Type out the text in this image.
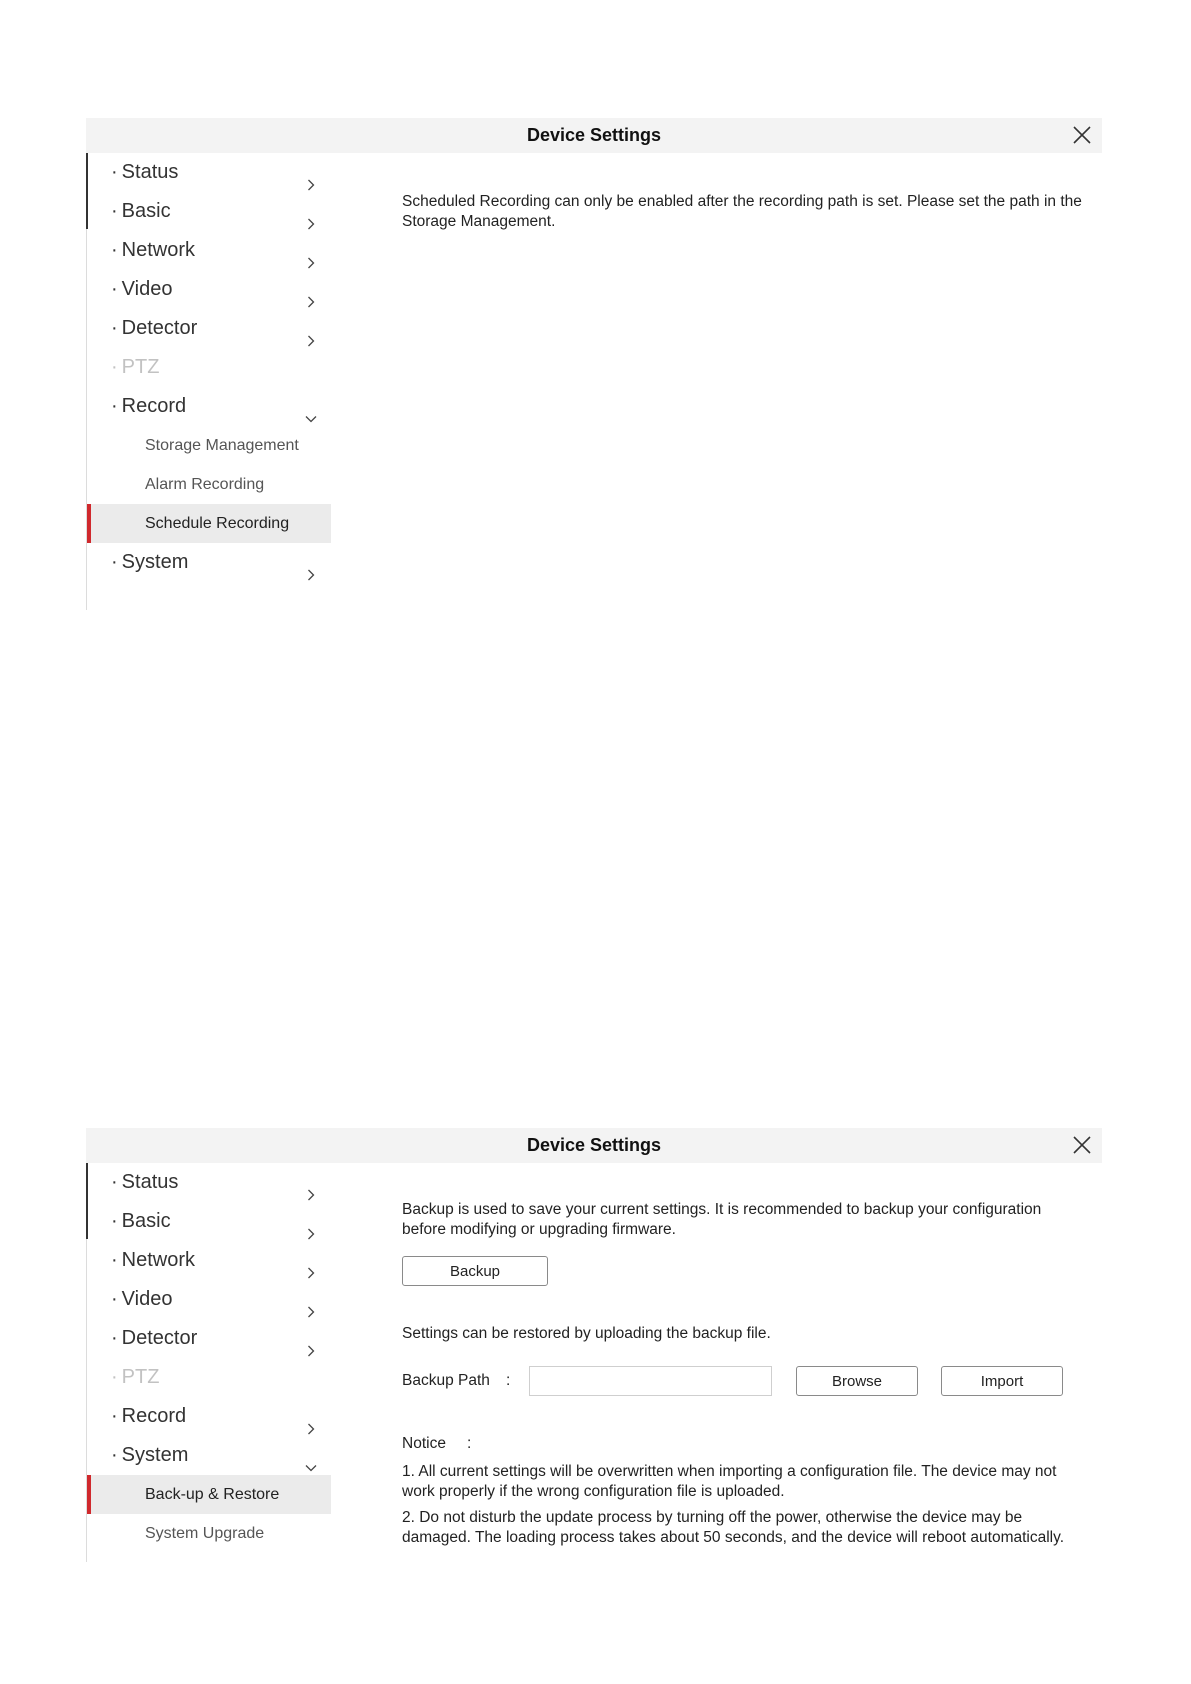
Device Settings
· Status
· Basic
· Network
· Video
· Detector
· PTZ
· Record
Storage Management
Alarm Recording
Schedule Recording
· System
Scheduled Recording can only be enabled after the recording path is set. Please set the path in the Storage Management.
Device Settings
· Status
· Basic
· Network
· Video
· Detector
· PTZ
· Record
· System
Back-up & Restore
System Upgrade
Backup is used to save your current settings. It is recommended to backup your configuration before modifying or upgrading firmware.
Backup
Settings can be restored by uploading the backup file.
Backup Path :	Browse	Import
Notice :
1. All current settings will be overwritten when importing a configuration file. The device may not work properly if the wrong configuration file is uploaded.
2. Do not disturb the update process by turning off the power, otherwise the device may be damaged. The loading process takes about 50 seconds, and the device will reboot automatically.
